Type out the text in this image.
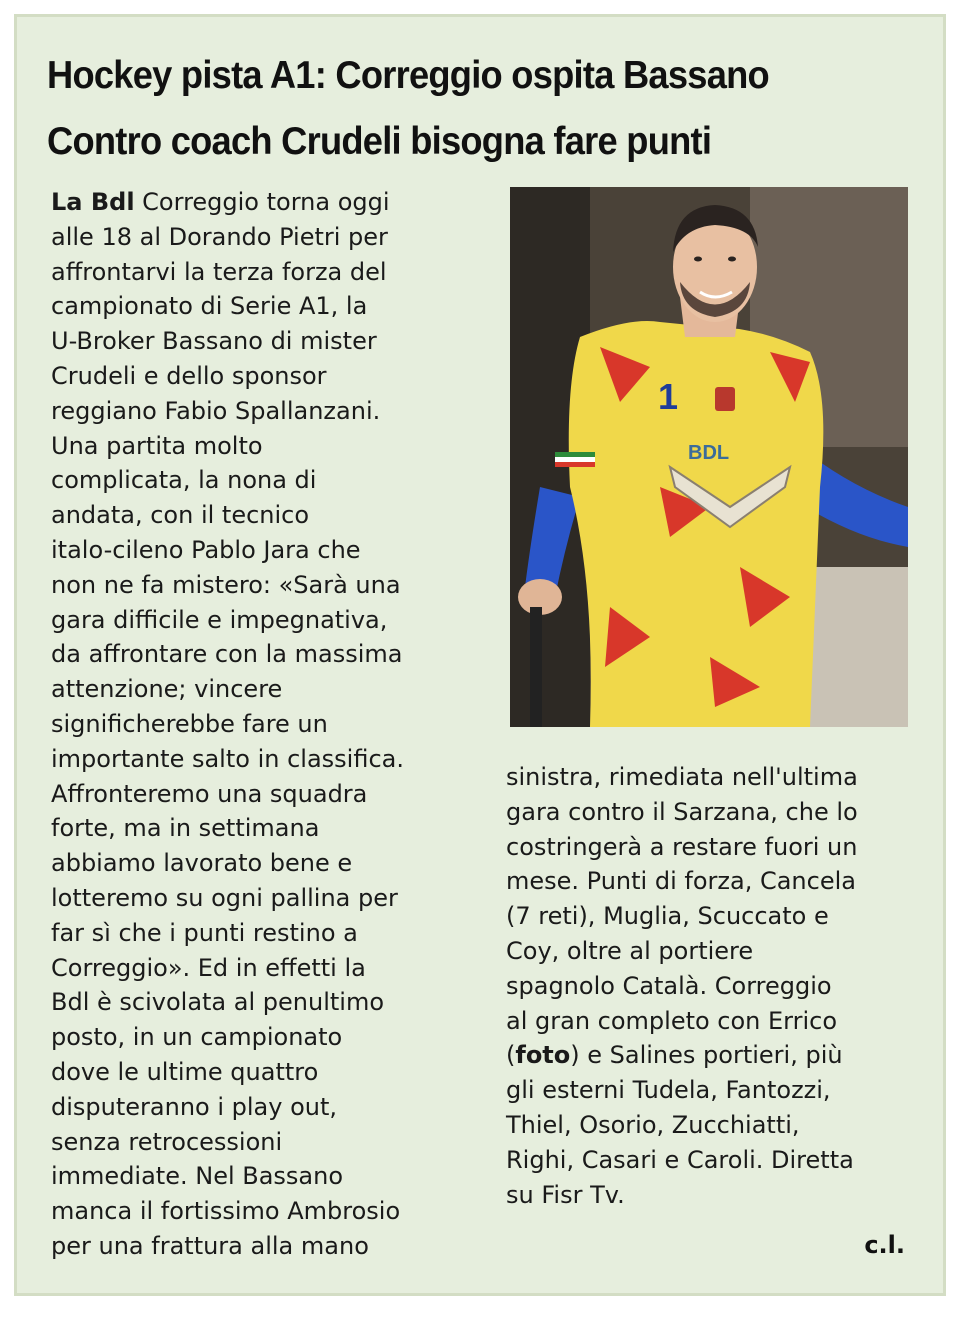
Hockey pista A1: Correggio ospita Bassano
Contro coach Crudeli bisogna fare punti
La Bdl Correggio torna oggi
alle 18 al Dorando Pietri per
affrontarvi la terza forza del
campionato di Serie A1, la
U-Broker Bassano di mister
Crudeli e dello sponsor
reggiano Fabio Spallanzani.
Una partita molto
complicata, la nona di
andata, con il tecnico
italo-cileno Pablo Jara che
non ne fa mistero: «Sarà una
gara difficile e impegnativa,
da affrontare con la massima
attenzione; vincere
significherebbe fare un
importante salto in classifica.
Affronteremo una squadra
forte, ma in settimana
abbiamo lavorato bene e
lotteremo su ogni pallina per
far sì che i punti restino a
Correggio». Ed in effetti la
Bdl è scivolata al penultimo
posto, in un campionato
dove le ultime quattro
disputeranno i play out,
senza retrocessioni
immediate. Nel Bassano
manca il fortissimo Ambrosio
per una frattura alla mano
1
BDL
sinistra, rimediata nell'ultima
gara contro il Sarzana, che lo
costringerà a restare fuori un
mese. Punti di forza, Cancela
(7 reti), Muglia, Scuccato e
Coy, oltre al portiere
spagnolo Català. Correggio
al gran completo con Errico
(foto) e Salines portieri, più
gli esterni Tudela, Fantozzi,
Thiel, Osorio, Zucchiatti,
Righi, Casari e Caroli. Diretta
su Fisr Tv.
c.l.
